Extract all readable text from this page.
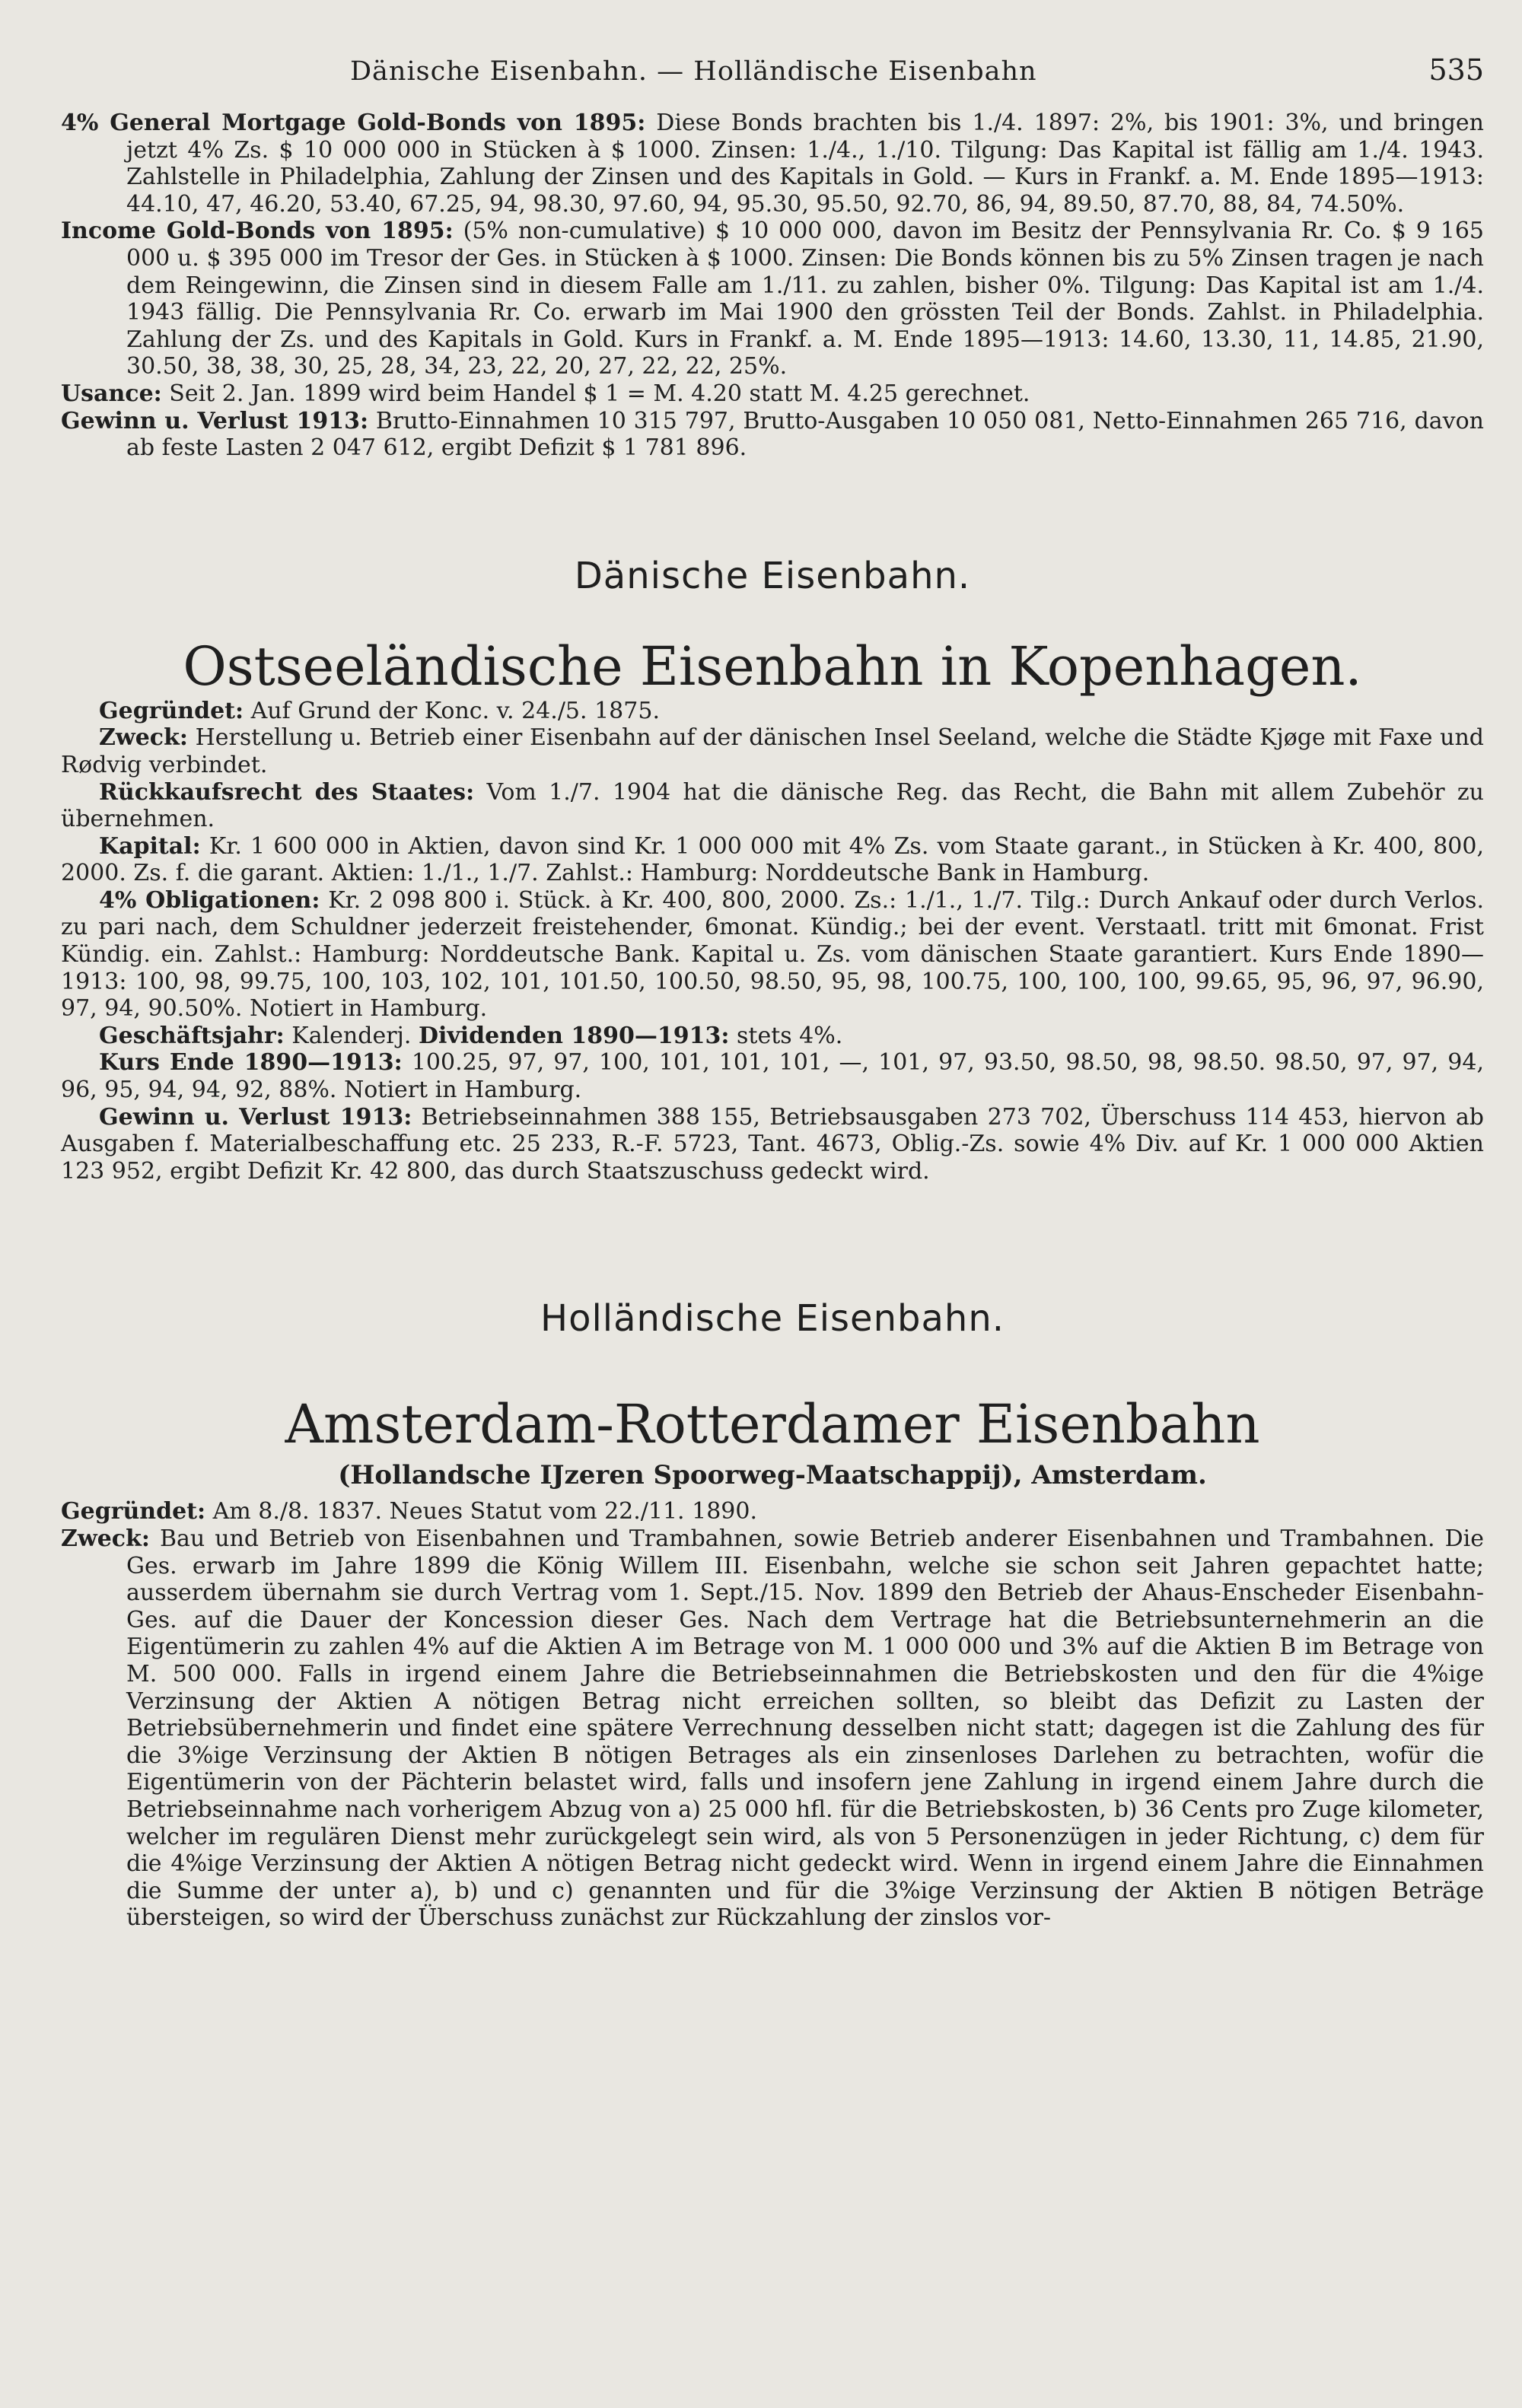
Dänische Eisenbahn. — Holländische Eisenbahn	535

4% General Mortgage Gold-Bonds von 1895: Diese Bonds brachten bis 1./4. 1897: 2%, bis 1901: 3%, und bringen jetzt 4% Zs. $ 10 000 000 in Stücken à $ 1000. Zinsen: 1./4., 1./10. Tilgung: Das Kapital ist fällig am 1./4. 1943. Zahlstelle in Philadelphia, Zahlung der Zinsen und des Kapitals in Gold. — Kurs in Frankf. a. M. Ende 1895—1913: 44.10, 47, 46.20, 53.40, 67.25, 94, 98.30, 97.60, 94, 95.30, 95.50, 92.70, 86, 94, 89.50, 87.70, 88, 84, 74.50%.

Income Gold-Bonds von 1895: (5% non-cumulative) $ 10 000 000, davon im Besitz der Pennsylvania Rr. Co. $ 9 165 000 u. $ 395 000 im Tresor der Ges. in Stücken à $ 1000. Zinsen: Die Bonds können bis zu 5% Zinsen tragen je nach dem Reingewinn, die Zinsen sind in diesem Falle am 1./11. zu zahlen, bisher 0%. Tilgung: Das Kapital ist am 1./4. 1943 fällig. Die Pennsylvania Rr. Co. erwarb im Mai 1900 den grössten Teil der Bonds. Zahlst. in Philadelphia. Zahlung der Zs. und des Kapitals in Gold. Kurs in Frankf. a. M. Ende 1895—1913: 14.60, 13.30, 11, 14.85, 21.90, 30.50, 38, 38, 30, 25, 28, 34, 23, 22, 20, 27, 22, 22, 25%.

Usance: Seit 2. Jan. 1899 wird beim Handel $ 1 = M. 4.20 statt M. 4.25 gerechnet.

Gewinn u. Verlust 1913: Brutto-Einnahmen 10 315 797, Brutto-Ausgaben 10 050 081, Netto-Einnahmen 265 716, davon ab feste Lasten 2 047 612, ergibt Defizit $ 1 781 896.

Dänische Eisenbahn.
Ostseeländische Eisenbahn in Kopenhagen.

Gegründet: Auf Grund der Konc. v. 24./5. 1875.

Zweck: Herstellung u. Betrieb einer Eisenbahn auf der dänischen Insel Seeland, welche die Städte Kjøge mit Faxe und Rødvig verbindet.

Rückkaufsrecht des Staates: Vom 1./7. 1904 hat die dänische Reg. das Recht, die Bahn mit allem Zubehör zu übernehmen.

Kapital: Kr. 1 600 000 in Aktien, davon sind Kr. 1 000 000 mit 4% Zs. vom Staate garant., in Stücken à Kr. 400, 800, 2000. Zs. f. die garant. Aktien: 1./1., 1./7. Zahlst.: Hamburg: Norddeutsche Bank in Hamburg.

4% Obligationen: Kr. 2 098 800 i. Stück. à Kr. 400, 800, 2000. Zs.: 1./1., 1./7. Tilg.: Durch Ankauf oder durch Verlos. zu pari nach, dem Schuldner jederzeit freistehender, 6monat. Kündig.; bei der event. Verstaatl. tritt mit 6monat. Frist Kündig. ein. Zahlst.: Hamburg: Norddeutsche Bank. Kapital u. Zs. vom dänischen Staate garantiert. Kurs Ende 1890—1913: 100, 98, 99.75, 100, 103, 102, 101, 101.50, 100.50, 98.50, 95, 98, 100.75, 100, 100, 100, 99.65, 95, 96, 97, 96.90, 97, 94, 90.50%. Notiert in Hamburg.

Geschäftsjahr: Kalenderj. Dividenden 1890—1913: stets 4%.

Kurs Ende 1890—1913: 100.25, 97, 97, 100, 101, 101, 101, —, 101, 97, 93.50, 98.50, 98, 98.50. 98.50, 97, 97, 94, 96, 95, 94, 94, 92, 88%. Notiert in Hamburg.

Gewinn u. Verlust 1913: Betriebseinnahmen 388 155, Betriebsausgaben 273 702, Überschuss 114 453, hiervon ab Ausgaben f. Materialbeschaffung etc. 25 233, R.-F. 5723, Tant. 4673, Oblig.-Zs. sowie 4% Div. auf Kr. 1 000 000 Aktien 123 952, ergibt Defizit Kr. 42 800, das durch Staatszuschuss gedeckt wird.

Holländische Eisenbahn.
Amsterdam-Rotterdamer Eisenbahn
(Hollandsche IJzeren Spoorweg-Maatschappij), Amsterdam.

Gegründet: Am 8./8. 1837. Neues Statut vom 22./11. 1890.

Zweck: Bau und Betrieb von Eisenbahnen und Trambahnen, sowie Betrieb anderer Eisenbahnen und Trambahnen. Die Ges. erwarb im Jahre 1899 die König Willem III. Eisenbahn, welche sie schon seit Jahren gepachtet hatte; ausserdem übernahm sie durch Vertrag vom 1. Sept./15. Nov. 1899 den Betrieb der Ahaus-Enscheder Eisenbahn-Ges. auf die Dauer der Koncession dieser Ges. Nach dem Vertrage hat die Betriebsunternehmerin an die Eigentümerin zu zahlen 4% auf die Aktien A im Betrage von M. 1 000 000 und 3% auf die Aktien B im Betrage von M. 500 000. Falls in irgend einem Jahre die Betriebseinnahmen die Betriebskosten und den für die 4%ige Verzinsung der Aktien A nötigen Betrag nicht erreichen sollten, so bleibt das Defizit zu Lasten der Betriebsübernehmerin und findet eine spätere Verrechnung desselben nicht statt; dagegen ist die Zahlung des für die 3%ige Verzinsung der Aktien B nötigen Betrages als ein zinsenloses Darlehen zu betrachten, wofür die Eigentümerin von der Pächterin belastet wird, falls und insofern jene Zahlung in irgend einem Jahre durch die Betriebseinnahme nach vorherigem Abzug von a) 25 000 hfl. für die Betriebskosten, b) 36 Cents pro Zuge kilometer, welcher im regulären Dienst mehr zurückgelegt sein wird, als von 5 Personenzügen in jeder Richtung, c) dem für die 4%ige Verzinsung der Aktien A nötigen Betrag nicht gedeckt wird. Wenn in irgend einem Jahre die Einnahmen die Summe der unter a), b) und c) genannten und für die 3%ige Verzinsung der Aktien B nötigen Beträge übersteigen, so wird der Überschuss zunächst zur Rückzahlung der zinslos vor-
